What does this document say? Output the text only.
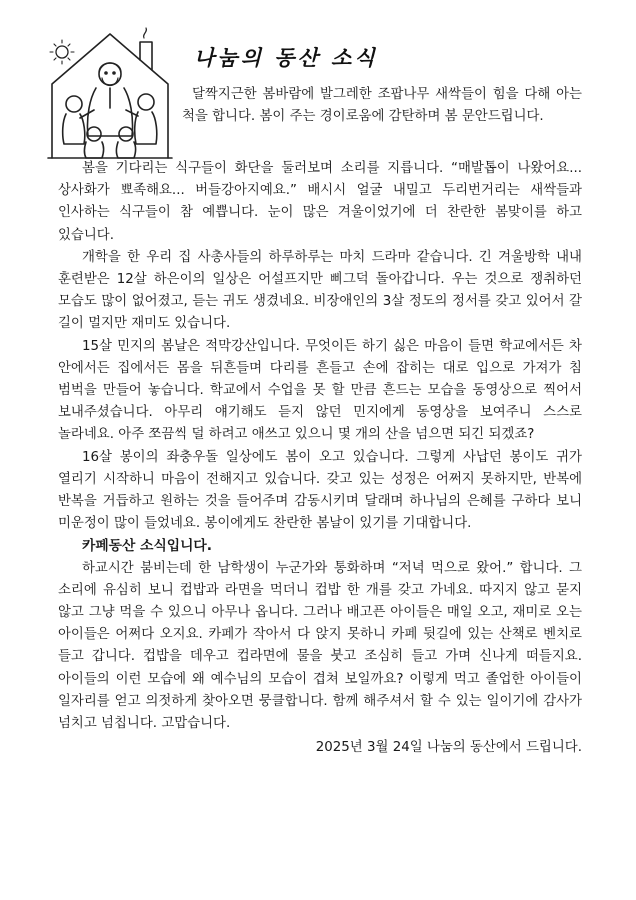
나눔의 동산 소식

달짝지근한 봄바람에 발그레한 조팝나무 새싹들이 힘을 다해 아는 척을 합니다. 봄이 주는 경이로움에 감탄하며 봄 문안드립니다.

봄을 기다리는 식구들이 화단을 둘러보며 소리를 지릅니다. “매발톱이 나왔어요... 상사화가 뾰족해요... 버들강아지예요.” 배시시 얼굴 내밀고 두리번거리는 새싹들과 인사하는 식구들이 참 예쁩니다. 눈이 많은 겨울이었기에 더 찬란한 봄맞이를 하고 있습니다.

개학을 한 우리 집 사총사들의 하루하루는 마치 드라마 같습니다. 긴 겨울방학 내내 훈련받은 12살 하은이의 일상은 어설프지만 삐그덕 돌아갑니다. 우는 것으로 쟁취하던 모습도 많이 없어졌고, 듣는 귀도 생겼네요. 비장애인의 3살 정도의 정서를 갖고 있어서 갈 길이 멀지만 재미도 있습니다.

15살 민지의 봄날은 적막강산입니다. 무엇이든 하기 싫은 마음이 들면 학교에서든 차 안에서든 집에서든 몸을 뒤흔들며 다리를 흔들고 손에 잡히는 대로 입으로 가져가 침 범벅을 만들어 놓습니다. 학교에서 수업을 못 할 만큼 흔드는 모습을 동영상으로 찍어서 보내주셨습니다. 아무리 얘기해도 듣지 않던 민지에게 동영상을 보여주니 스스로 놀라네요. 아주 쪼끔씩 덜 하려고 애쓰고 있으니 몇 개의 산을 넘으면 되긴 되겠죠?

16살 봉이의 좌충우돌 일상에도 봄이 오고 있습니다. 그렇게 사납던 봉이도 귀가 열리기 시작하니 마음이 전해지고 있습니다. 갖고 있는 성정은 어쩌지 못하지만, 반복에 반복을 거듭하고 원하는 것을 들어주며 감동시키며 달래며 하나님의 은혜를 구하다 보니 미운정이 많이 들었네요. 봉이에게도 찬란한 봄날이 있기를 기대합니다.

카페동산 소식입니다.

하교시간 붐비는데 한 남학생이 누군가와 통화하며 “저녁 먹으로 왔어.” 합니다. 그 소리에 유심히 보니 컵밥과 라면을 먹더니 컵밥 한 개를 갖고 가네요. 따지지 않고 묻지 않고 그냥 먹을 수 있으니 아무나 옵니다. 그러나 배고픈 아이들은 매일 오고, 재미로 오는 아이들은 어쩌다 오지요. 카페가 작아서 다 앉지 못하니 카페 뒷길에 있는 산책로 벤치로 들고 갑니다. 컵밥을 데우고 컵라면에 물을 붓고 조심히 들고 가며 신나게 떠들지요. 아이들의 이런 모습에 왜 예수님의 모습이 겹쳐 보일까요? 이렇게 먹고 졸업한 아이들이 일자리를 얻고 의젓하게 찾아오면 뭉클합니다. 함께 해주셔서 할 수 있는 일이기에 감사가 넘치고 넘칩니다. 고맙습니다.

2025년 3월 24일 나눔의 동산에서 드립니다.
